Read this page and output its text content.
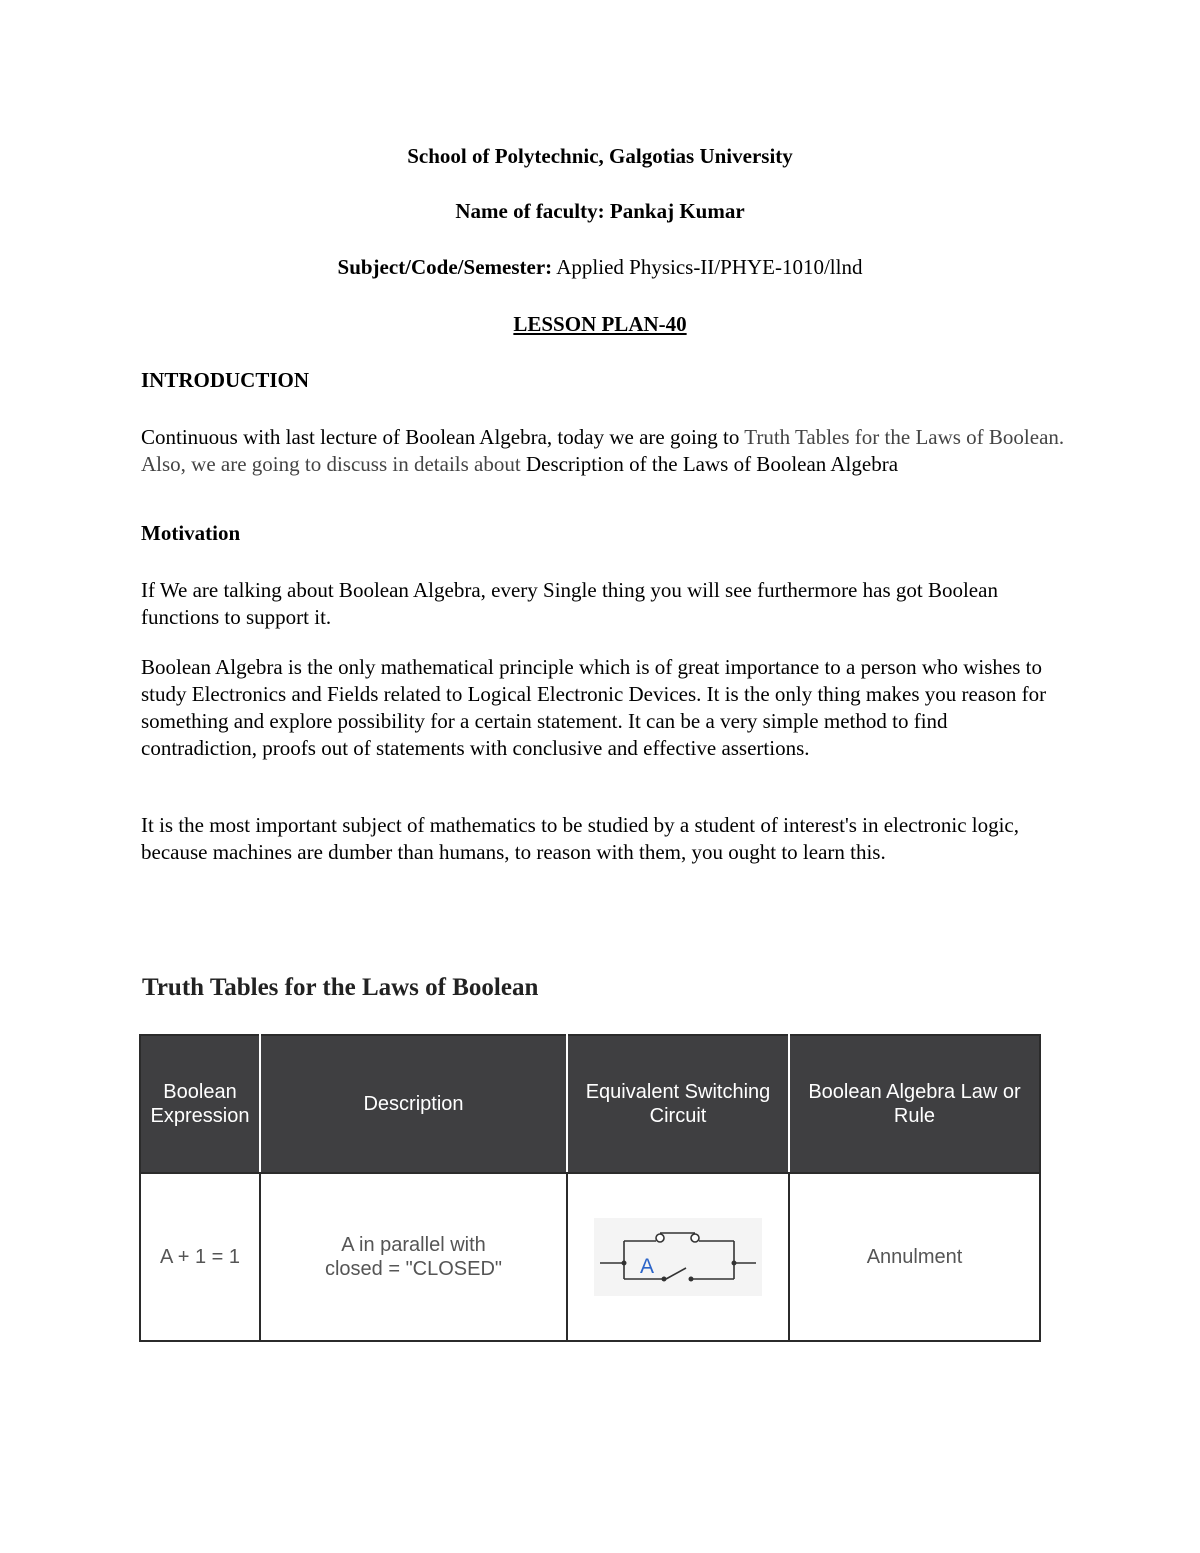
School of Polytechnic, Galgotias University
Name of faculty: Pankaj Kumar
Subject/Code/Semester: Applied Physics-II/PHYE-1010/llnd
LESSON PLAN-40
INTRODUCTION
Continuous with last lecture of Boolean Algebra, today we are going to Truth Tables for the Laws of Boolean. Also, we are going to discuss in details about Description of the Laws of Boolean Algebra
Motivation
If We are talking about Boolean Algebra, every Single thing you will see furthermore has got Boolean functions to support it.
Boolean Algebra is the only mathematical principle which is of great importance to a person who wishes to study Electronics and Fields related to Logical Electronic Devices. It is the only thing makes you reason for something and explore possibility for a certain statement. It can be a very simple method to find contradiction, proofs out of statements with conclusive and effective assertions.
It is the most important subject of mathematics to be studied by a student of interest's in electronic logic, because machines are dumber than humans, to reason with them, you ought to learn this.
Truth Tables for the Laws of Boolean
Boolean Expression	Description	Equivalent Switching Circuit	Boolean Algebra Law or Rule
A + 1 = 1	A in parallel with closed = "CLOSED"	A	Annulment
